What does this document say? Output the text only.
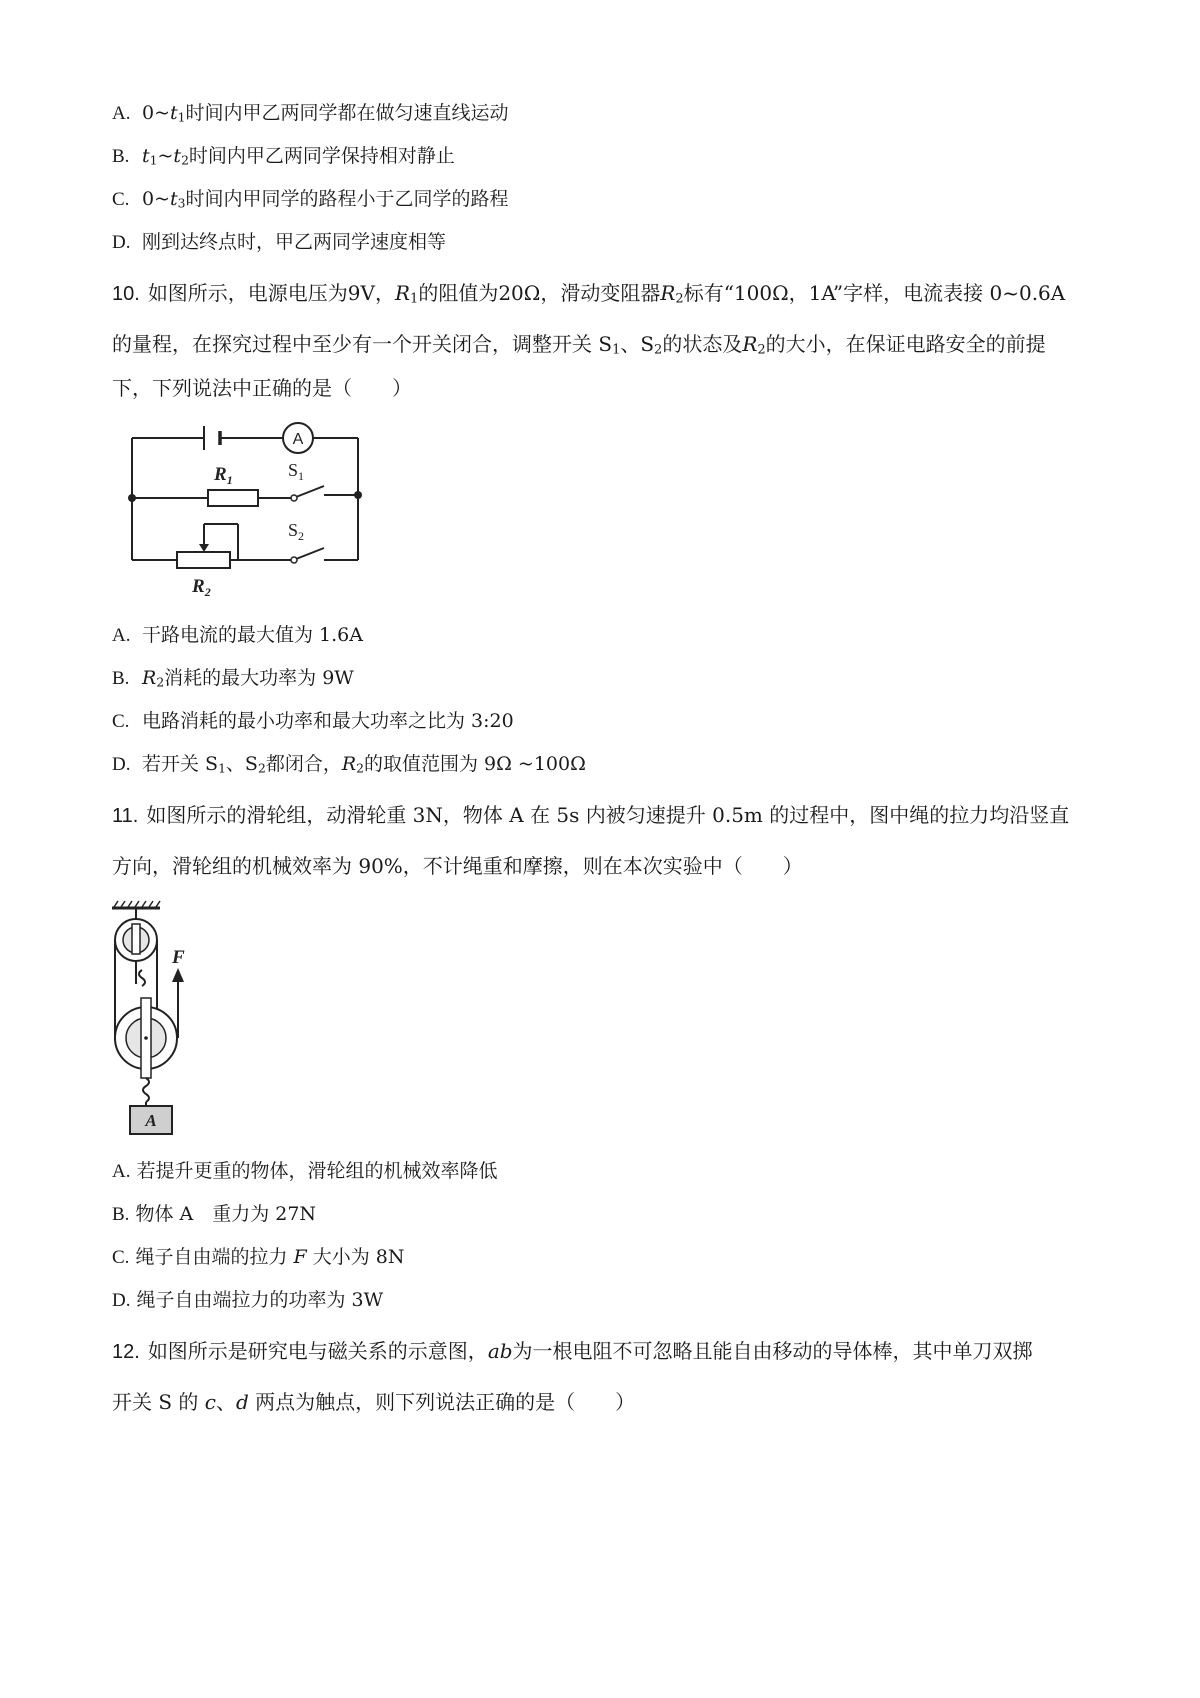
A. $0\sim t_1$时间内甲乙两同学都在做匀速直线运动
B. $t_1\sim t_2$时间内甲乙两同学保持相对静止
C. $0\sim t_3$时间内甲同学的路程小于乙同学的路程
D. 刚到达终点时，甲乙两同学速度相等
10. 如图所示，电源电压为9V，$R_1$的阻值为20Ω，滑动变阻器$R_2$标有“100Ω，1A”字样，电流表接 0~0.6A
的量程，在探究过程中至少有一个开关闭合，调整开关 $S_1$、$S_2$的状态及$R_2$的大小，在保证电路安全的前提
下，下列说法中正确的是（　　）
A
$R_1$	$S_1$
$S_2$
$R_2$
A. 干路电流的最大值为 1.6A
B. $R_2$消耗的最大功率为 9W
C. 电路消耗的最小功率和最大功率之比为 3:20
D. 若开关 $S_1$、$S_2$都闭合，$R_2$的取值范围为 9Ω ~100Ω
11. 如图所示的滑轮组，动滑轮重 3N，物体 A 在 5s 内被匀速提升 0.5m 的过程中，图中绳的拉力均沿竖直
方向，滑轮组的机械效率为 90%，不计绳重和摩擦，则在本次实验中（　　）
F
A
A. 若提升更重的物体，滑轮组的机械效率降低
B. 物体 A　重力为 27N
C. 绳子自由端的拉力 F 大小为 8N
D. 绳子自由端拉力的功率为 3W
12. 如图所示是研究电与磁关系的示意图，ab为一根电阻不可忽略且能自由移动的导体棒，其中单刀双掷
开关 S 的 c、d 两点为触点，则下列说法正确的是（　　）
